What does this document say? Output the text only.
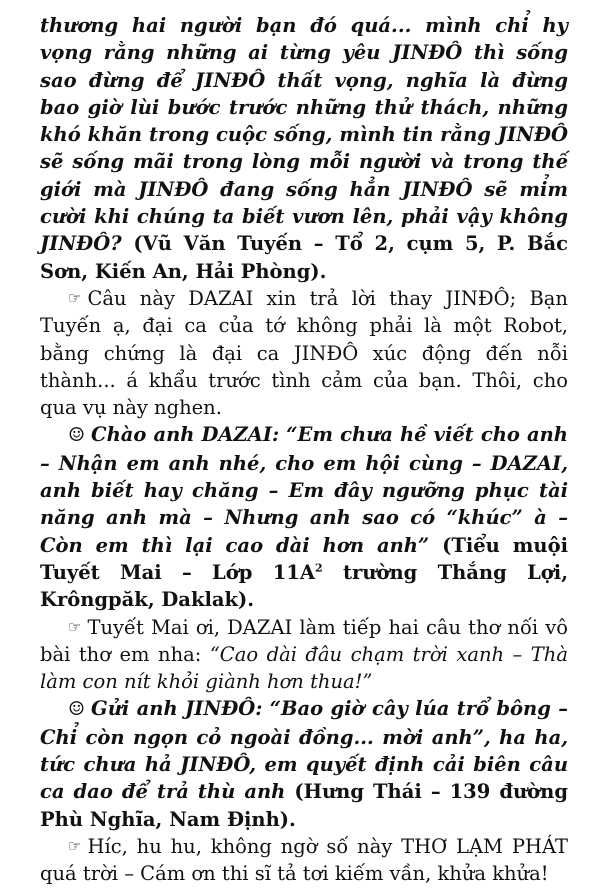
thương hai người bạn đó quá... mình chỉ hy vọng rằng những ai từng yêu JINĐÔ thì sống sao đừng để JINĐÔ thất vọng, nghĩa là đừng bao giờ lùi bước trước những thử thách, những khó khăn trong cuộc sống, mình tin rằng JINĐÔ sẽ sống mãi trong lòng mỗi người và trong thế giới mà JINĐÔ đang sống hẳn JINĐÔ sẽ mỉm cười khi chúng ta biết vươn lên, phải vậy không JINĐÔ? (Vũ Văn Tuyến – Tổ 2, cụm 5, P. Bắc Sơn, Kiến An, Hải Phòng).

☞ Câu này DAZAI xin trả lời thay JINĐÔ; Bạn Tuyến ạ, đại ca của tớ không phải là một Robot, bằng chứng là đại ca JINĐÔ xúc động đến nỗi thành... á khẩu trước tình cảm của bạn. Thôi, cho qua vụ này nghen.

☺ Chào anh DAZAI: “Em chưa hề viết cho anh – Nhận em anh nhé, cho em hội cùng – DAZAI, anh biết hay chăng – Em đây ngưỡng phục tài năng anh mà – Nhưng anh sao có “khúc” à – Còn em thì lại cao dài hơn anh” (Tiểu muội Tuyết Mai – Lớp $11A^2$ trường Thắng Lợi, Krôngpăk, Daklak).

☞ Tuyết Mai ơi, DAZAI làm tiếp hai câu thơ nối vô bài thơ em nha: “Cao dài đâu chạm trời xanh – Thà làm con nít khỏi giành hơn thua!”

☺ Gửi anh JINĐÔ: “Bao giờ cây lúa trổ bông – Chỉ còn ngọn cỏ ngoài đồng... mời anh”, ha ha, tức chưa hả JINĐÔ, em quyết định cải biên câu ca dao để trả thù anh (Hưng Thái – 139 đường Phù Nghĩa, Nam Định).

☞ Híc, hu hu, không ngờ số này THƠ LẠM PHÁT quá trời – Cám ơn thi sĩ tả tơi kiếm vần, khửa khửa!
